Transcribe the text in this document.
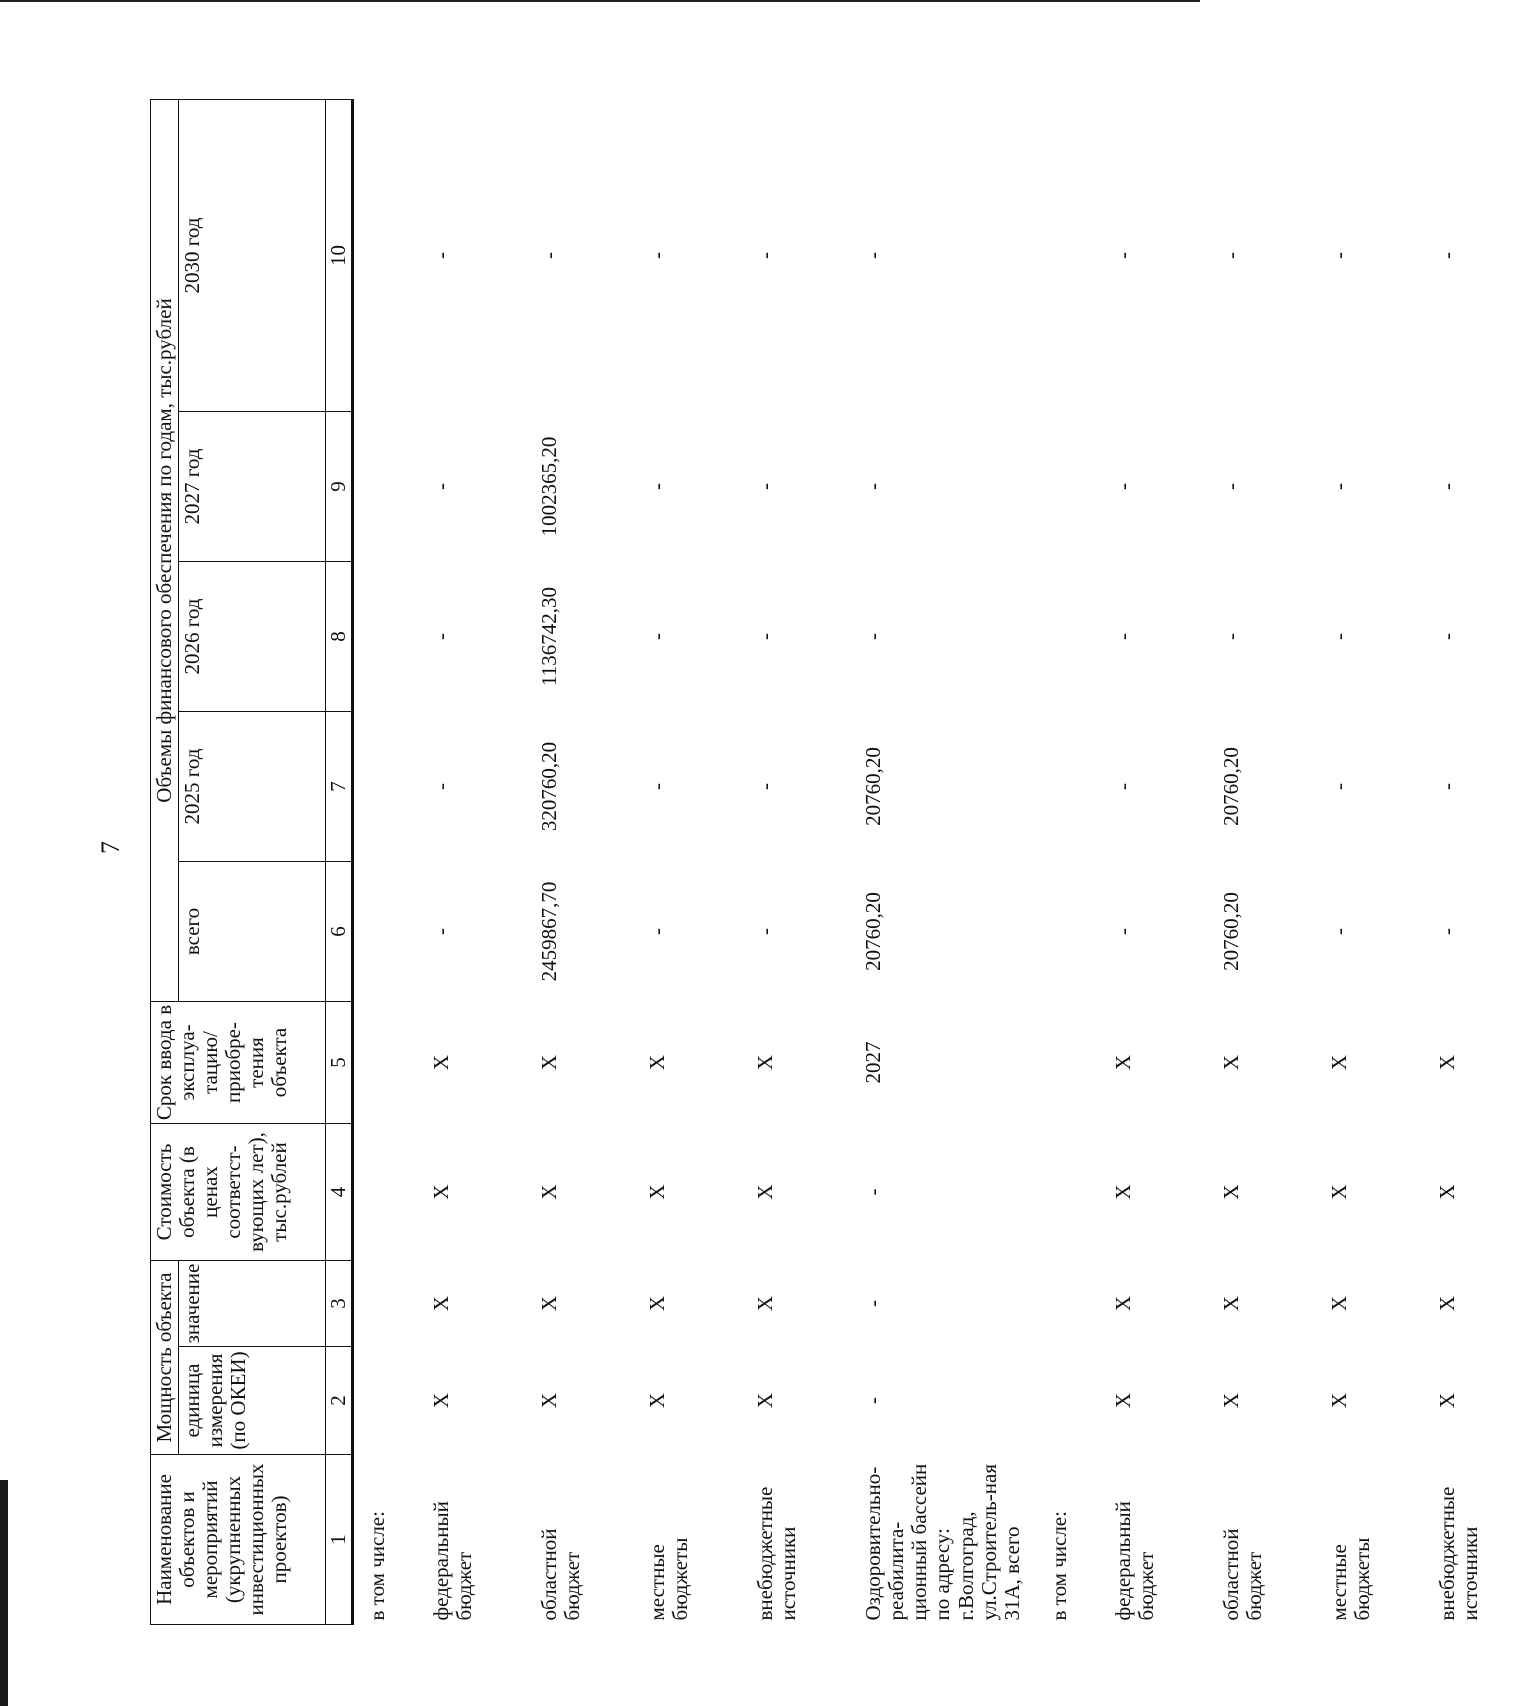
7
Наименование объектов и мероприятий (укрупненных инвестиционных проектов)	Мощность объекта		Стоимость объекта (в ценах соответст-вующих лет), тыс.рублей	Срок ввода в эксплуа-тацию/ приобре-тения объекта	Объемы финансового обеспечения по годам, тыс.рублей				
	единица измерения (по ОКЕИ)	значение			всего	2025 год	2026 год	2027 год	2030 год
1	2	3	4	5	6	7	8	9	10
в том числе:									
федеральный бюджет	Х	Х	Х	Х	-	-	-	-	-
областной бюджет	Х	Х	Х	Х	2459867,70	320760,20	1136742,30	1002365,20	-
местные бюджеты	Х	Х	Х	Х	-	-	-	-	-
внебюджетные источники	Х	Х	Х	Х	-	-	-	-	-
Оздоровительно-реабилита-ционный бассейн по адресу: г.Волгоград, ул.Строитель-ная 31А, всего	-	-	-	2027	20760,20	20760,20	-	-	-
в том числе:									
федеральный бюджет	Х	Х	Х	Х	-	-	-	-	-
областной бюджет	Х	Х	Х	Х	20760,20	20760,20	-	-	-
местные бюджеты	Х	Х	Х	Х	-	-	-	-	-
внебюджетные источники	Х	Х	Х	Х	-	-	-	-	-
